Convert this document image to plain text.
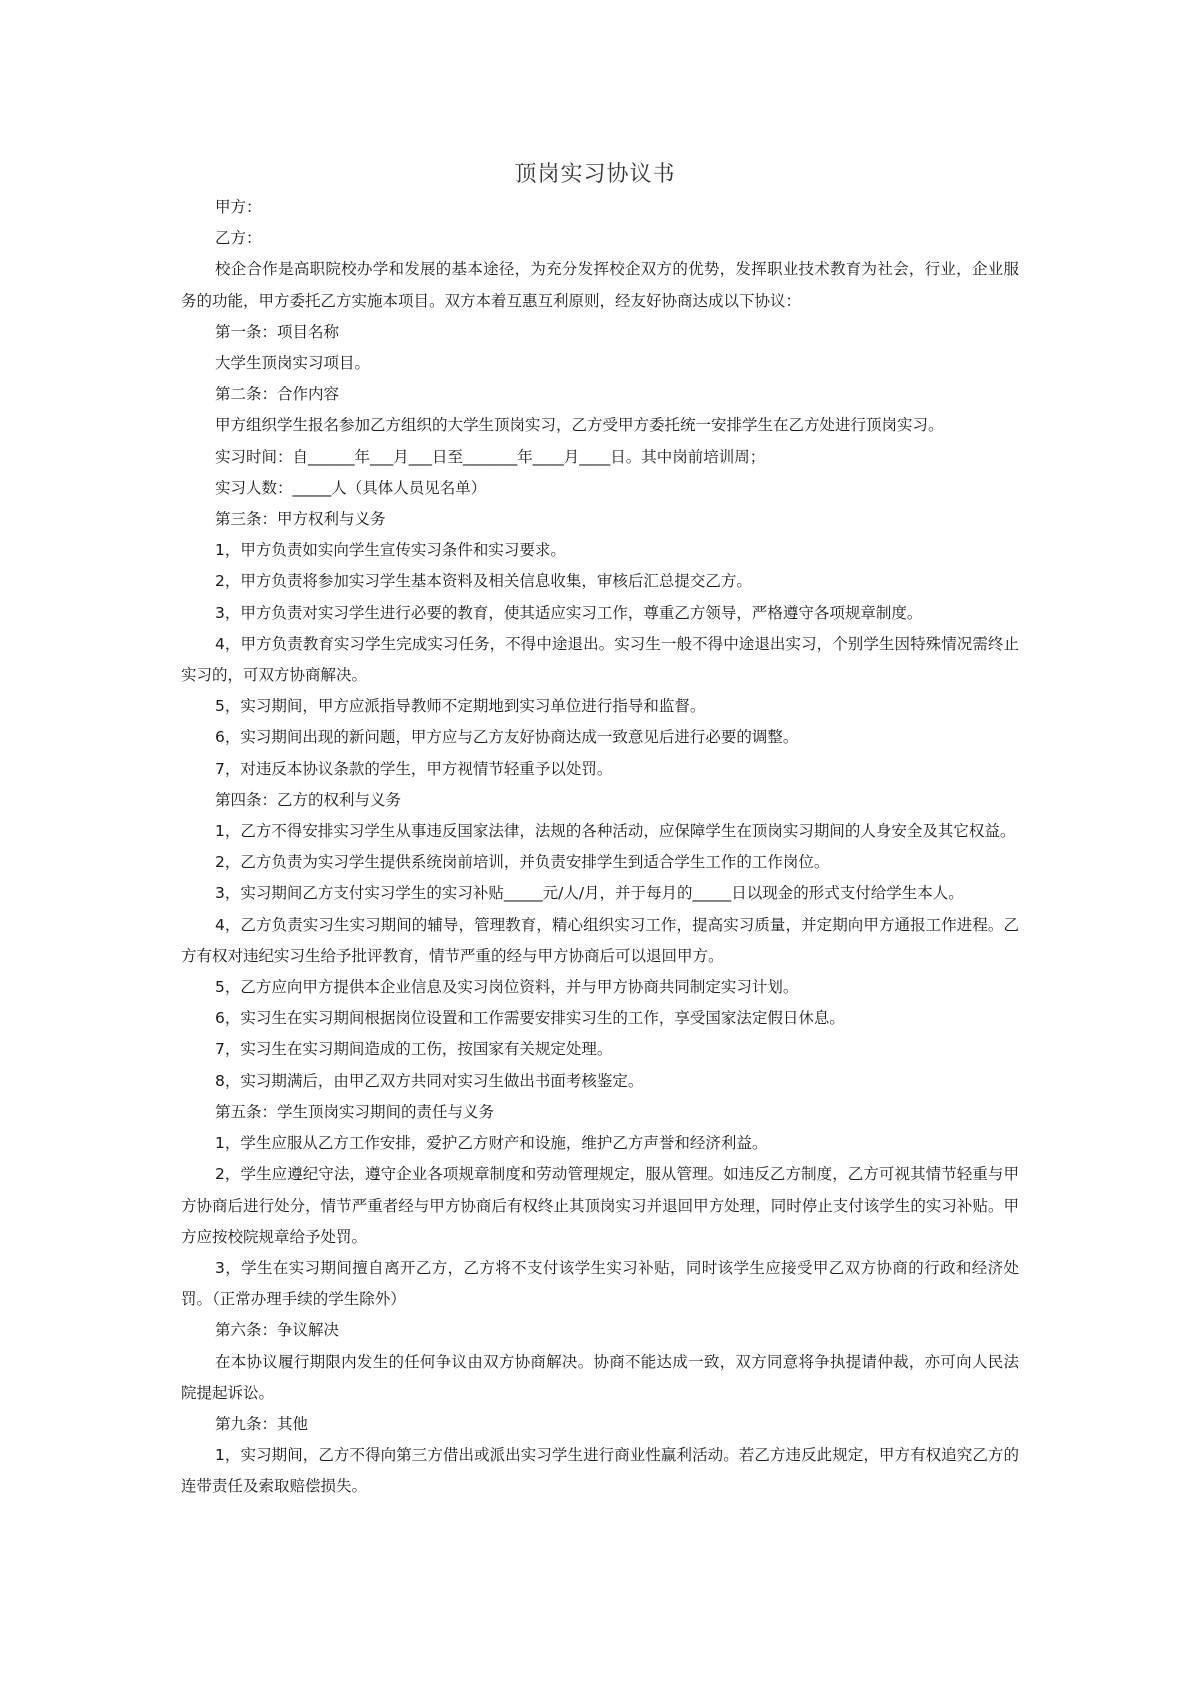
顶岗实习协议书

甲方：

乙方：

校企合作是高职院校办学和发展的基本途径，为充分发挥校企双方的优势，发挥职业技术教育为社会，行业，企业服务的功能，甲方委托乙方实施本项目。双方本着互惠互利原则，经友好协商达成以下协议：

第一条：项目名称

大学生顶岗实习项目。

第二条：合作内容

甲方组织学生报名参加乙方组织的大学生顶岗实习，乙方受甲方委托统一安排学生在乙方处进行顶岗实习。

实习时间：自______年___月___日至_______年____月____日。其中岗前培训周；

实习人数：_____人（具体人员见名单）

第三条：甲方权利与义务

1，甲方负责如实向学生宣传实习条件和实习要求。

2，甲方负责将参加实习学生基本资料及相关信息收集，审核后汇总提交乙方。

3，甲方负责对实习学生进行必要的教育，使其适应实习工作，尊重乙方领导，严格遵守各项规章制度。

4，甲方负责教育实习学生完成实习任务，不得中途退出。实习生一般不得中途退出实习，个别学生因特殊情况需终止实习的，可双方协商解决。

5，实习期间，甲方应派指导教师不定期地到实习单位进行指导和监督。

6，实习期间出现的新问题，甲方应与乙方友好协商达成一致意见后进行必要的调整。

7，对违反本协议条款的学生，甲方视情节轻重予以处罚。

第四条：乙方的权利与义务

1，乙方不得安排实习学生从事违反国家法律，法规的各种活动，应保障学生在顶岗实习期间的人身安全及其它权益。

2，乙方负责为实习学生提供系统岗前培训，并负责安排学生到适合学生工作的工作岗位。

3，实习期间乙方支付实习学生的实习补贴_____元/人/月，并于每月的_____日以现金的形式支付给学生本人。

4，乙方负责实习生实习期间的辅导，管理教育，精心组织实习工作，提高实习质量，并定期向甲方通报工作进程。乙方有权对违纪实习生给予批评教育，情节严重的经与甲方协商后可以退回甲方。

5，乙方应向甲方提供本企业信息及实习岗位资料，并与甲方协商共同制定实习计划。

6，实习生在实习期间根据岗位设置和工作需要安排实习生的工作，享受国家法定假日休息。

7，实习生在实习期间造成的工伤，按国家有关规定处理。

8，实习期满后，由甲乙双方共同对实习生做出书面考核鉴定。

第五条：学生顶岗实习期间的责任与义务

1，学生应服从乙方工作安排，爱护乙方财产和设施，维护乙方声誉和经济利益。

2，学生应遵纪守法，遵守企业各项规章制度和劳动管理规定，服从管理。如违反乙方制度，乙方可视其情节轻重与甲方协商后进行处分，情节严重者经与甲方协商后有权终止其顶岗实习并退回甲方处理，同时停止支付该学生的实习补贴。甲方应按校院规章给予处罚。

3，学生在实习期间擅自离开乙方，乙方将不支付该学生实习补贴，同时该学生应接受甲乙双方协商的行政和经济处罚。（正常办理手续的学生除外）

第六条：争议解决

在本协议履行期限内发生的任何争议由双方协商解决。协商不能达成一致，双方同意将争执提请仲裁，亦可向人民法院提起诉讼。

第九条：其他

1，实习期间，乙方不得向第三方借出或派出实习学生进行商业性赢利活动。若乙方违反此规定，甲方有权追究乙方的连带责任及索取赔偿损失。
